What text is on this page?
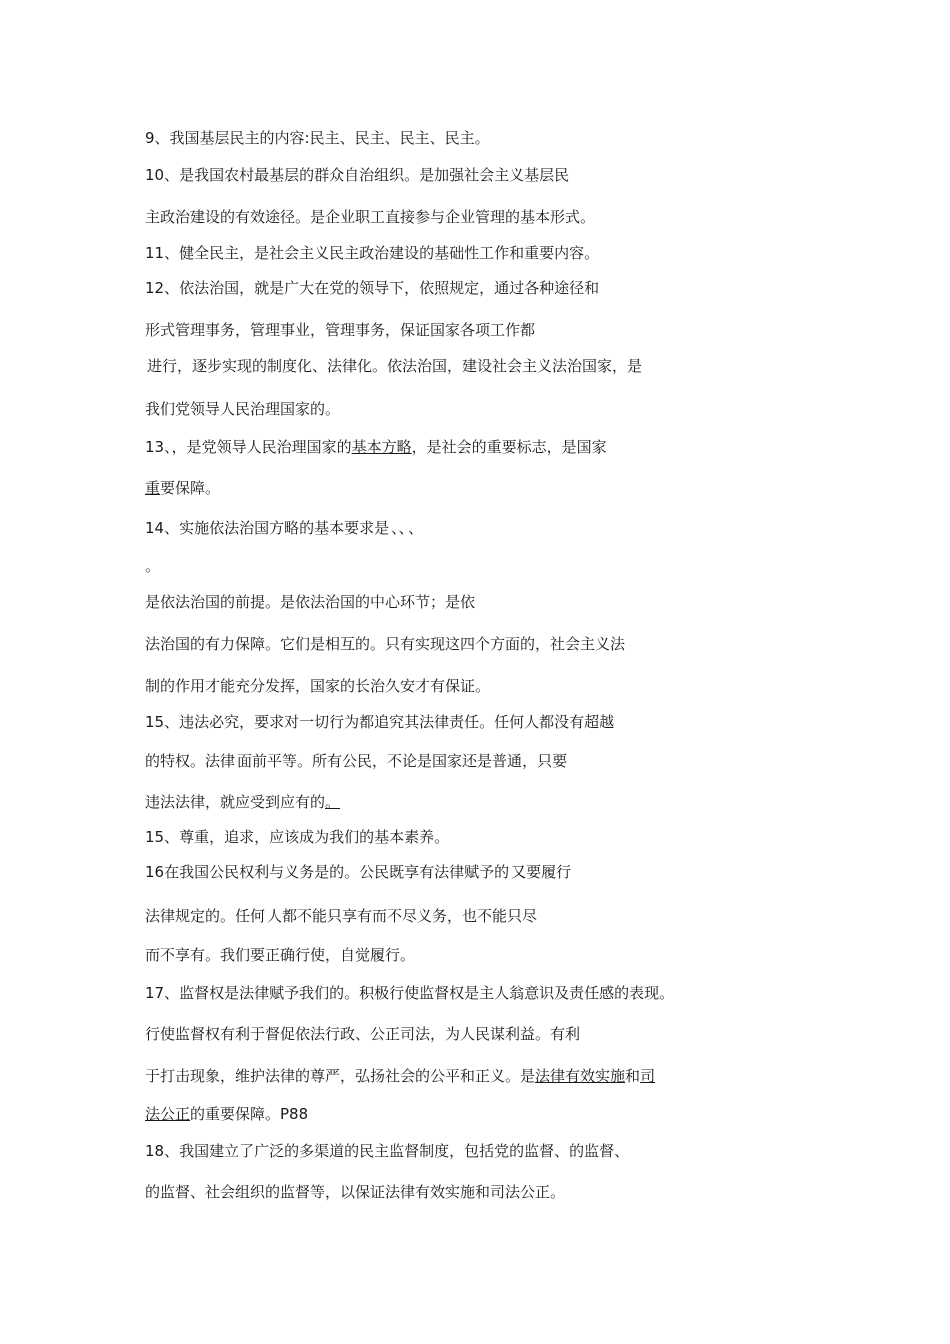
9、我国基层民主的内容:民主、民主、民主、民主。
10、是我国农村最基层的群众自治组织。是加强社会主义基层民
主政治建设的有效途径。是企业职工直接参与企业管理的基本形式。
11、健全民主，是社会主义民主政治建设的基础性工作和重要内容。
12、依法治国，就是广大在党的领导下，依照规定，通过各种途径和
形式管理事务，管理事业，管理事务，保证国家各项工作都
进行，逐步实现的制度化、法律化。依法治国，建设社会主义法治国家，是
我们党领导人民治理国家的。
13、，是党领导人民治理国家的基本方略，是社会的重要标志，是国家
重要保障。
14、实施依法治国方略的基本要求是 、、 、
。
是依法治国的前提。是依法治国的中心环节；是依
法治国的有力保障。它们是相互的。只有实现这四个方面的，社会主义法
制的作用才能充分发挥，国家的长治久安才有保证。
15、违法必究，要求对一切行为都追究其法律责任。任何人都没有超越
的特权。法律 面前平等。所有公民，不论是国家还是普通，只要
违法法律，就应受到应有的。
15、尊重，追求，应该成为我们的基本素养。
16在我国公民权利与义务是的。公民既享有法律赋予的 又要履行
法律规定的。任何 人都不能只享有而不尽义务，也不能只尽
而不享有。我们要正确行使，自觉履行。
17、监督权是法律赋予我们的。积极行使监督权是主人翁意识及责任感的表现。
行使监督权有利于督促依法行政、公正司法，为人民谋利益。有利
于打击现象，维护法律的尊严，弘扬社会的公平和正义。是法律有效实施和司
法公正的重要保障。P88
18、我国建立了广泛的多渠道的民主监督制度，包括党的监督、的监督、
的监督、社会组织的监督等，以保证法律有效实施和司法公正。
